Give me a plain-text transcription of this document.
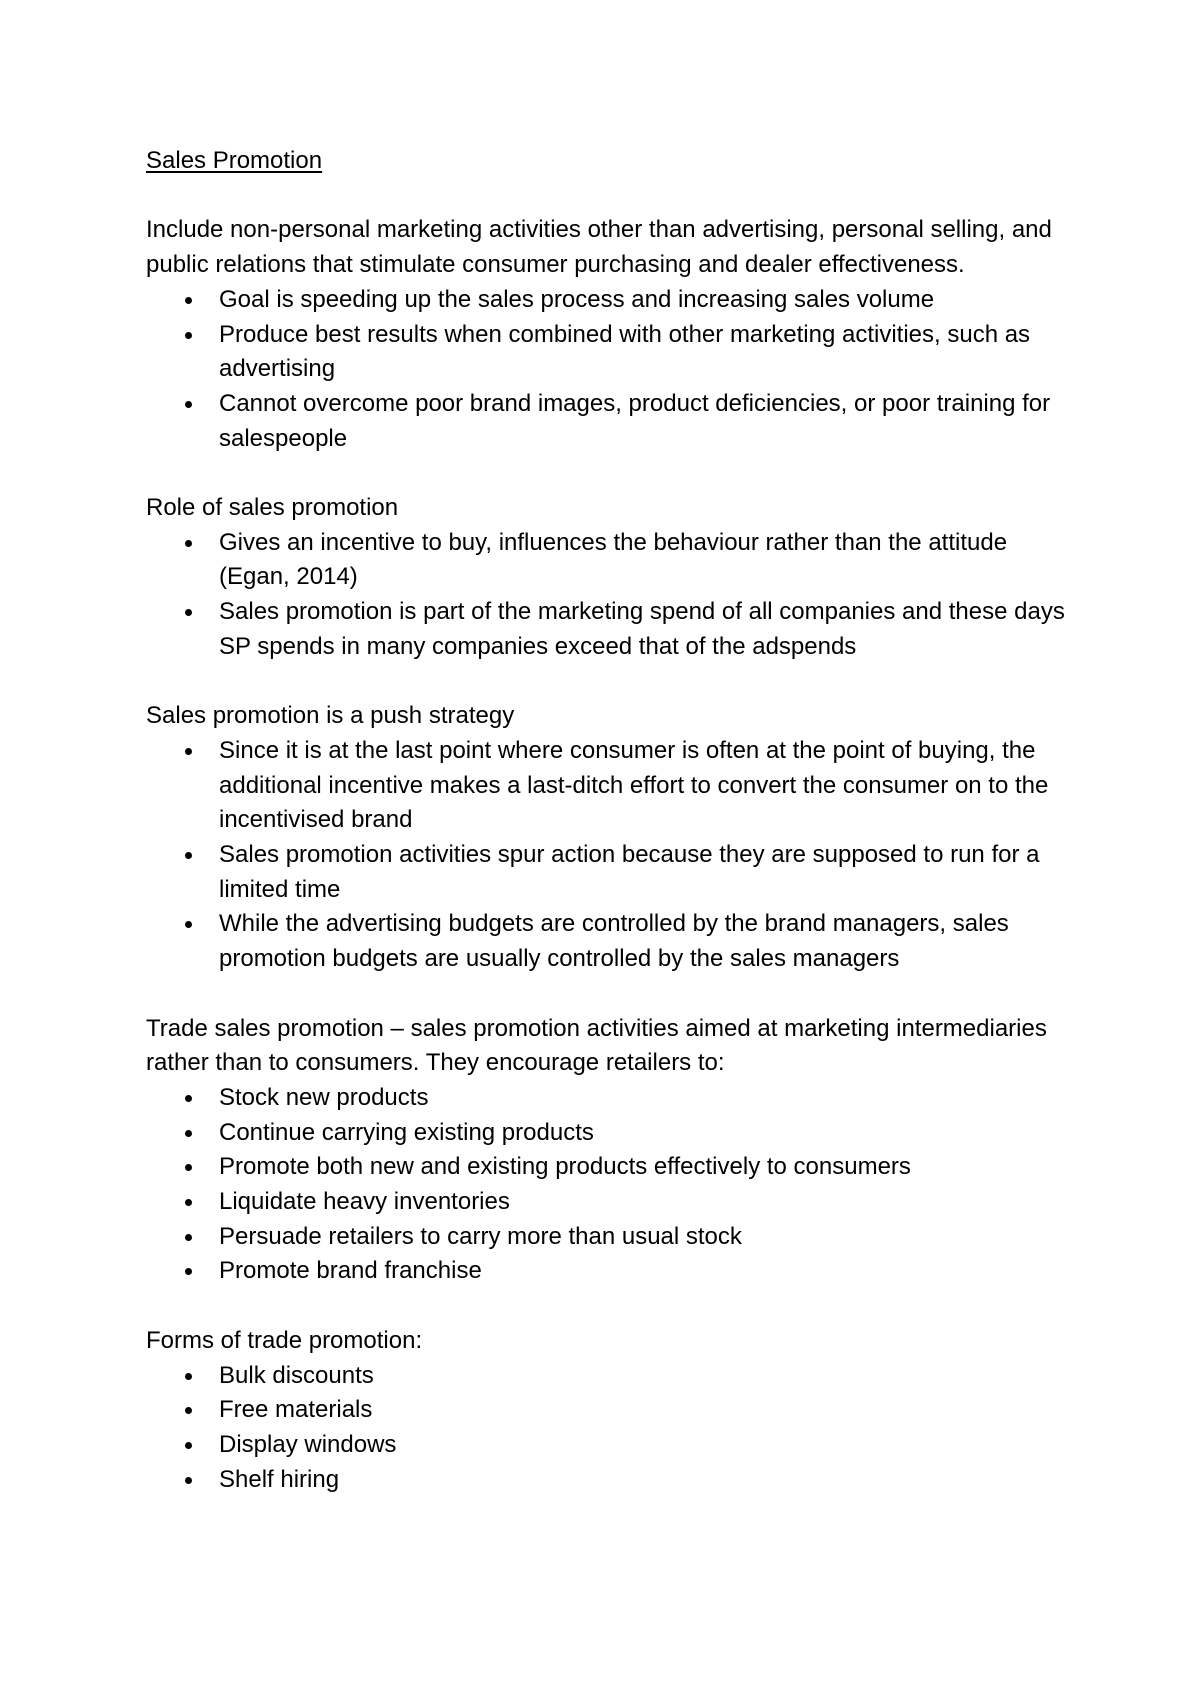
Sales Promotion

Include non-personal marketing activities other than advertising, personal selling, and public relations that stimulate consumer purchasing and dealer effectiveness.

Goal is speeding up the sales process and increasing sales volume
Produce best results when combined with other marketing activities, such as advertising
Cannot overcome poor brand images, product deficiencies, or poor training for salespeople

Role of sales promotion

Gives an incentive to buy, influences the behaviour rather than the attitude (Egan, 2014)
Sales promotion is part of the marketing spend of all companies and these days SP spends in many companies exceed that of the adspends

Sales promotion is a push strategy

Since it is at the last point where consumer is often at the point of buying, the additional incentive makes a last-ditch effort to convert the consumer on to the incentivised brand
Sales promotion activities spur action because they are supposed to run for a limited time
While the advertising budgets are controlled by the brand managers, sales promotion budgets are usually controlled by the sales managers

Trade sales promotion – sales promotion activities aimed at marketing intermediaries rather than to consumers. They encourage retailers to:

Stock new products
Continue carrying existing products
Promote both new and existing products effectively to consumers
Liquidate heavy inventories
Persuade retailers to carry more than usual stock
Promote brand franchise

Forms of trade promotion:

Bulk discounts
Free materials
Display windows
Shelf hiring
